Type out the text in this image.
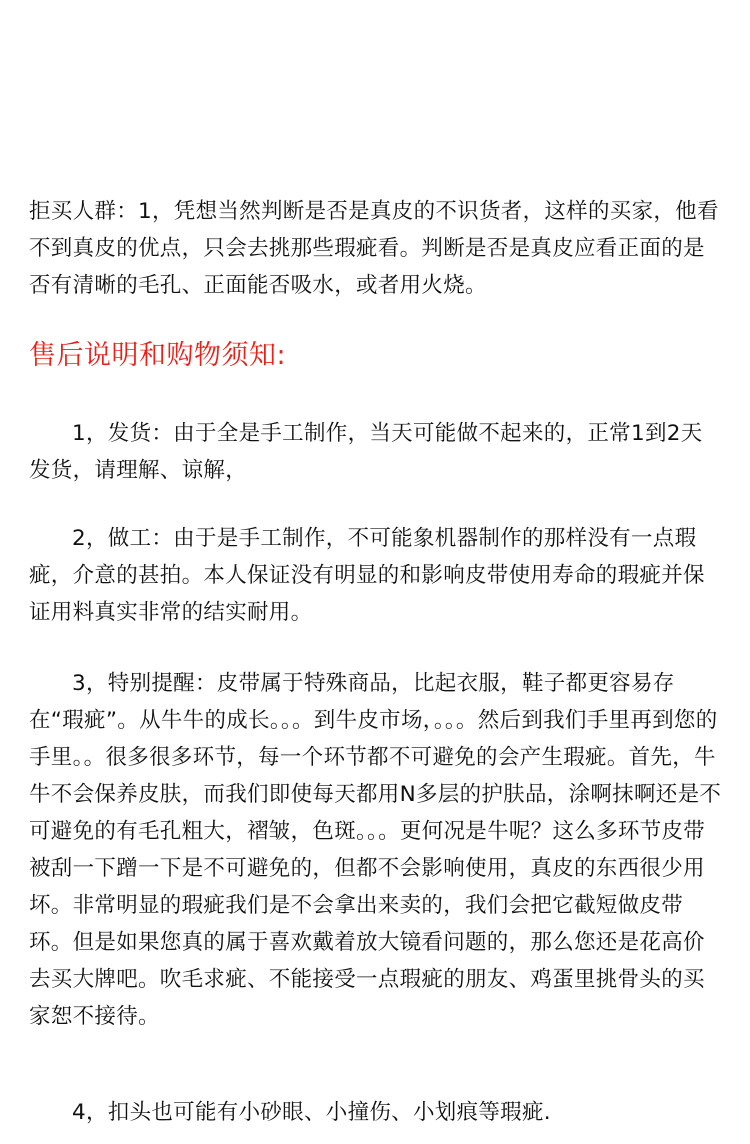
拒买人群：1，凭想当然判断是否是真皮的不识货者，这样的买家，他看不到真皮的优点，只会去挑那些瑕疵看。判断是否是真皮应看正面的是否有清晰的毛孔、正面能否吸水，或者用火烧。

售后说明和购物须知:

1，发货：由于全是手工制作，当天可能做不起来的，正常1到2天发货，请理解、谅解，

2，做工：由于是手工制作，不可能象机器制作的那样没有一点瑕疵，介意的甚拍。本人保证没有明显的和影响皮带使用寿命的瑕疵并保证用料真实非常的结实耐用。

3，特别提醒：皮带属于特殊商品，比起衣服，鞋子都更容易存在“瑕疵”。从牛牛的成长。。。到牛皮市场，。。。然后到我们手里再到您的手里。。很多很多环节，每一个环节都不可避免的会产生瑕疵。首先，牛牛不会保养皮肤，而我们即使每天都用N多层的护肤品，涂啊抹啊还是不可避免的有毛孔粗大，褶皱，色斑。。。更何况是牛呢？这么多环节皮带被刮一下蹭一下是不可避免的，但都不会影响使用，真皮的东西很少用坏。非常明显的瑕疵我们是不会拿出来卖的，我们会把它截短做皮带环。但是如果您真的属于喜欢戴着放大镜看问题的，那么您还是花高价去买大牌吧。吹毛求疵、不能接受一点瑕疵的朋友、鸡蛋里挑骨头的买家恕不接待。

4，扣头也可能有小砂眼、小撞伤、小划痕等瑕疵.
